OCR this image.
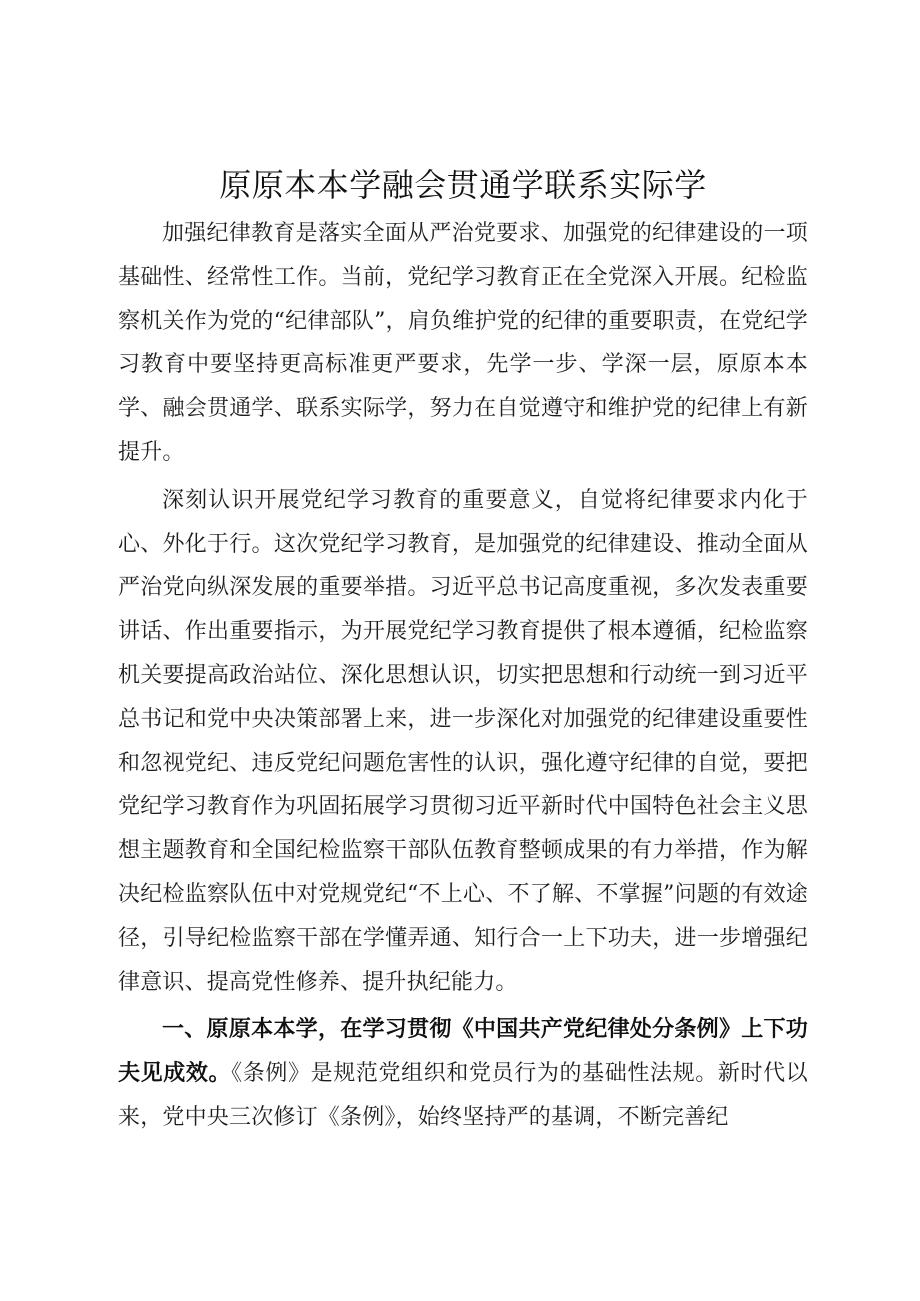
原原本本学融会贯通学联系实际学

加强纪律教育是落实全面从严治党要求、加强党的纪律建设的一项基础性、经常性工作。当前，党纪学习教育正在全党深入开展。纪检监察机关作为党的“纪律部队”，肩负维护党的纪律的重要职责，在党纪学习教育中要坚持更高标准更严要求，先学一步、学深一层，原原本本学、融会贯通学、联系实际学，努力在自觉遵守和维护党的纪律上有新提升。

深刻认识开展党纪学习教育的重要意义，自觉将纪律要求内化于心、外化于行。这次党纪学习教育，是加强党的纪律建设、推动全面从严治党向纵深发展的重要举措。习近平总书记高度重视，多次发表重要讲话、作出重要指示，为开展党纪学习教育提供了根本遵循，纪检监察机关要提高政治站位、深化思想认识，切实把思想和行动统一到习近平总书记和党中央决策部署上来，进一步深化对加强党的纪律建设重要性和忽视党纪、违反党纪问题危害性的认识，强化遵守纪律的自觉，要把党纪学习教育作为巩固拓展学习贯彻习近平新时代中国特色社会主义思想主题教育和全国纪检监察干部队伍教育整顿成果的有力举措，作为解决纪检监察队伍中对党规党纪“不上心、不了解、不掌握”问题的有效途径，引导纪检监察干部在学懂弄通、知行合一上下功夫，进一步增强纪律意识、提高党性修养、提升执纪能力。

一、原原本本学，在学习贯彻《中国共产党纪律处分条例》上下功夫见成效。《条例》是规范党组织和党员行为的基础性法规。新时代以来，党中央三次修订《条例》，始终坚持严的基调，不断完善纪
